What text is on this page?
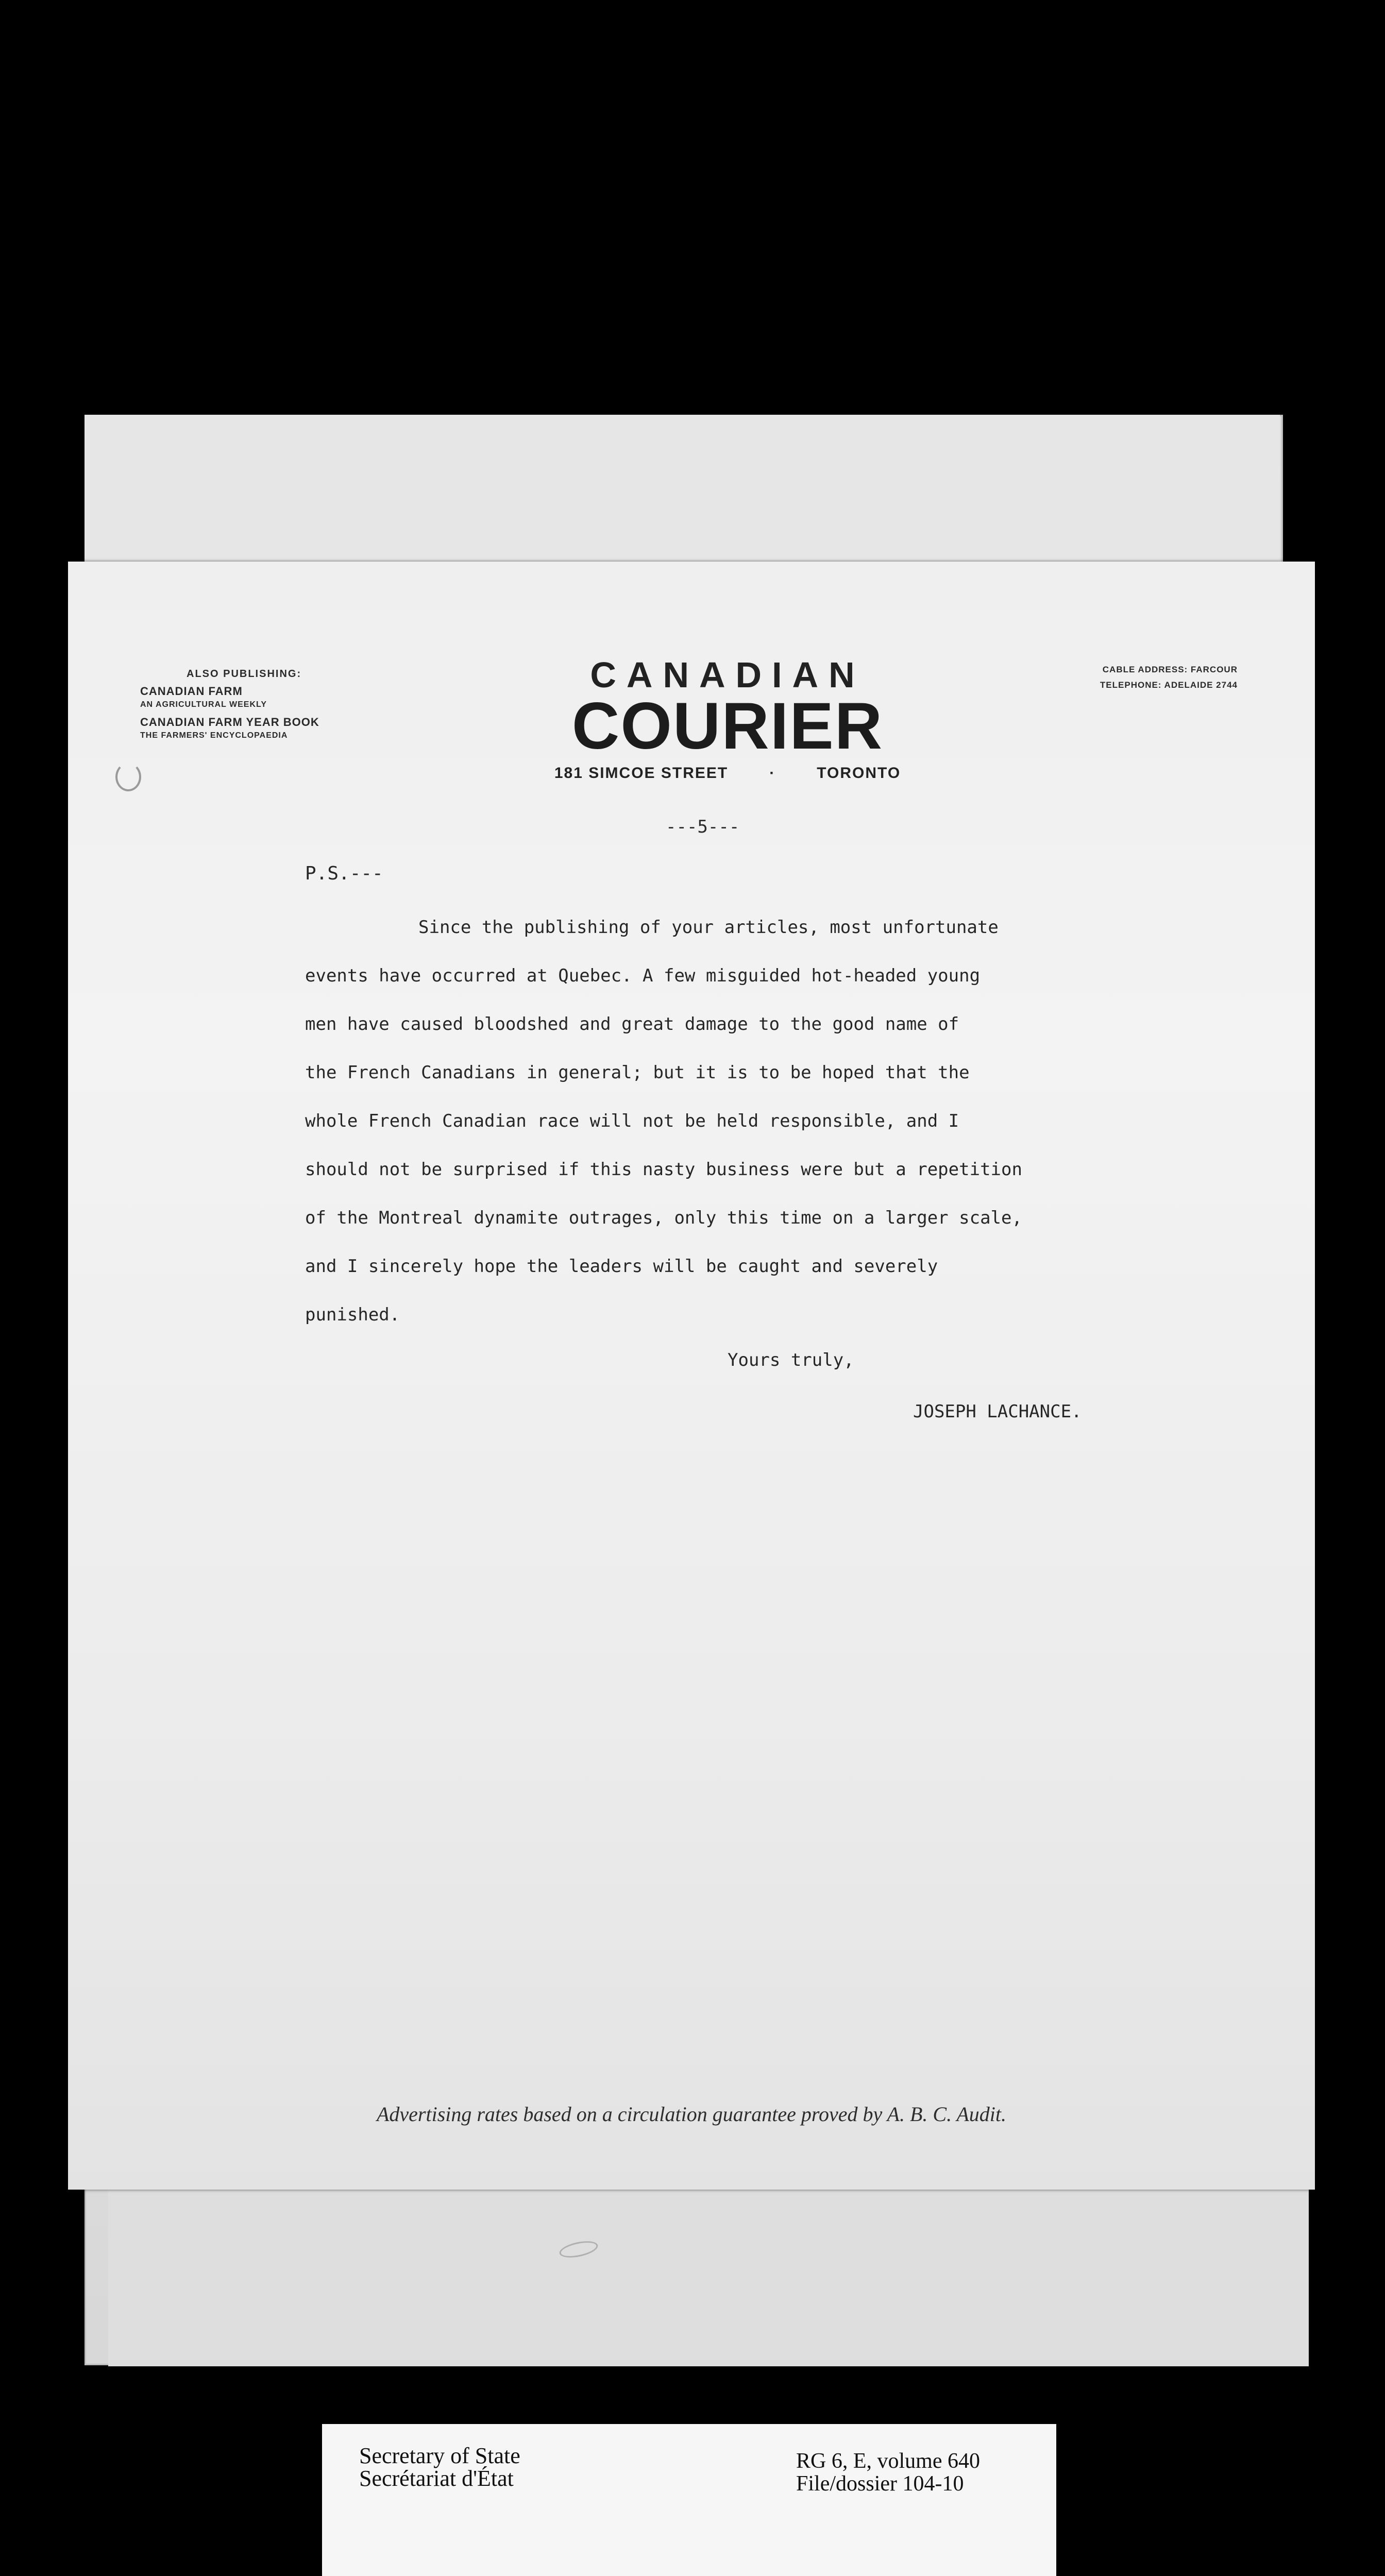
ALSO PUBLISHING:
CANADIAN FARM
AN AGRICULTURAL WEEKLY
CANADIAN FARM YEAR BOOK
THE FARMERS' ENCYCLOPAEDIA
CANADIAN
COURIER
181 SIMCOE STREET	·	TORONTO
CABLE ADDRESS: FARCOUR
TELEPHONE: ADELAIDE 2744
---5---
P.S.---
Since the publishing of your articles, most unfortunate
events have occurred at Quebec. A few misguided hot-headed young
men have caused bloodshed and great damage to the good name of
the French Canadians in general; but it is to be hoped that the
whole French Canadian race will not be held responsible, and I
should not be surprised if this nasty business were but a repetition
of the Montreal dynamite outrages, only this time on a larger scale,
and I sincerely hope the leaders will be caught and severely
punished.
Yours truly,
JOSEPH LACHANCE.
Advertising rates based on a circulation guarantee proved by A. B. C. Audit.
Secretary of State
Secrétariat d'État
RG 6, E, volume 640
File/dossier 104-10
